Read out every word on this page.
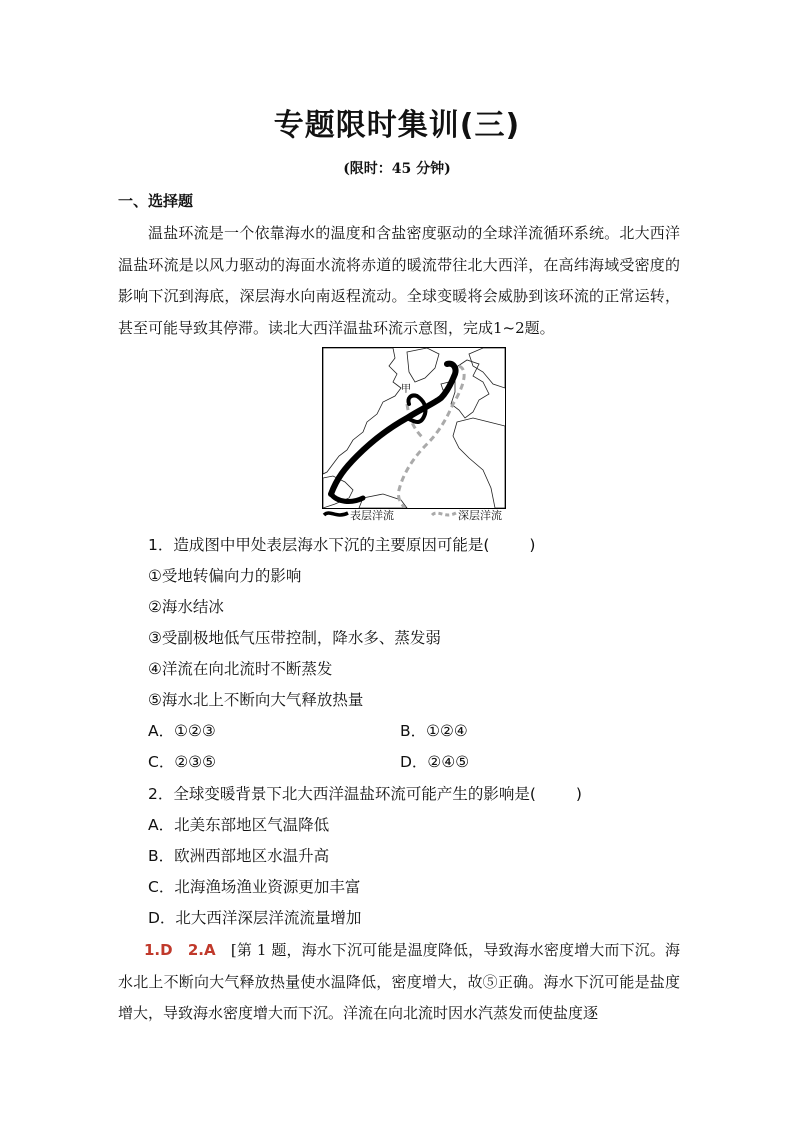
专题限时集训(三)
(限时：45 分钟)
一、选择题
温盐环流是一个依靠海水的温度和含盐密度驱动的全球洋流循环系统。北大西洋温盐环流是以风力驱动的海面水流将赤道的暖流带往北大西洋，在高纬海域受密度的影响下沉到海底，深层海水向南返程流动。全球变暖将会威胁到该环流的正常运转，甚至可能导致其停滞。读北大西洋温盐环流示意图，完成1~2题。
甲
表层洋流	深层洋流
1．造成图中甲处表层海水下沉的主要原因可能是(	)
①受地转偏向力的影响
②海水结冰
③受副极地低气压带控制，降水多、蒸发弱
④洋流在向北流时不断蒸发
⑤海水北上不断向大气释放热量
A．①②③	B．①②④
C．②③⑤	D．②④⑤
2．全球变暖背景下北大西洋温盐环流可能产生的影响是(	)
A．北美东部地区气温降低
B．欧洲西部地区水温升高
C．北海渔场渔业资源更加丰富
D．北大西洋深层洋流流量增加
1.D　2.A　[第 1 题，海水下沉可能是温度降低，导致海水密度增大而下沉。海水北上不断向大气释放热量使水温降低，密度增大，故⑤正确。海水下沉可能是盐度增大，导致海水密度增大而下沉。洋流在向北流时因水汽蒸发而使盐度逐
